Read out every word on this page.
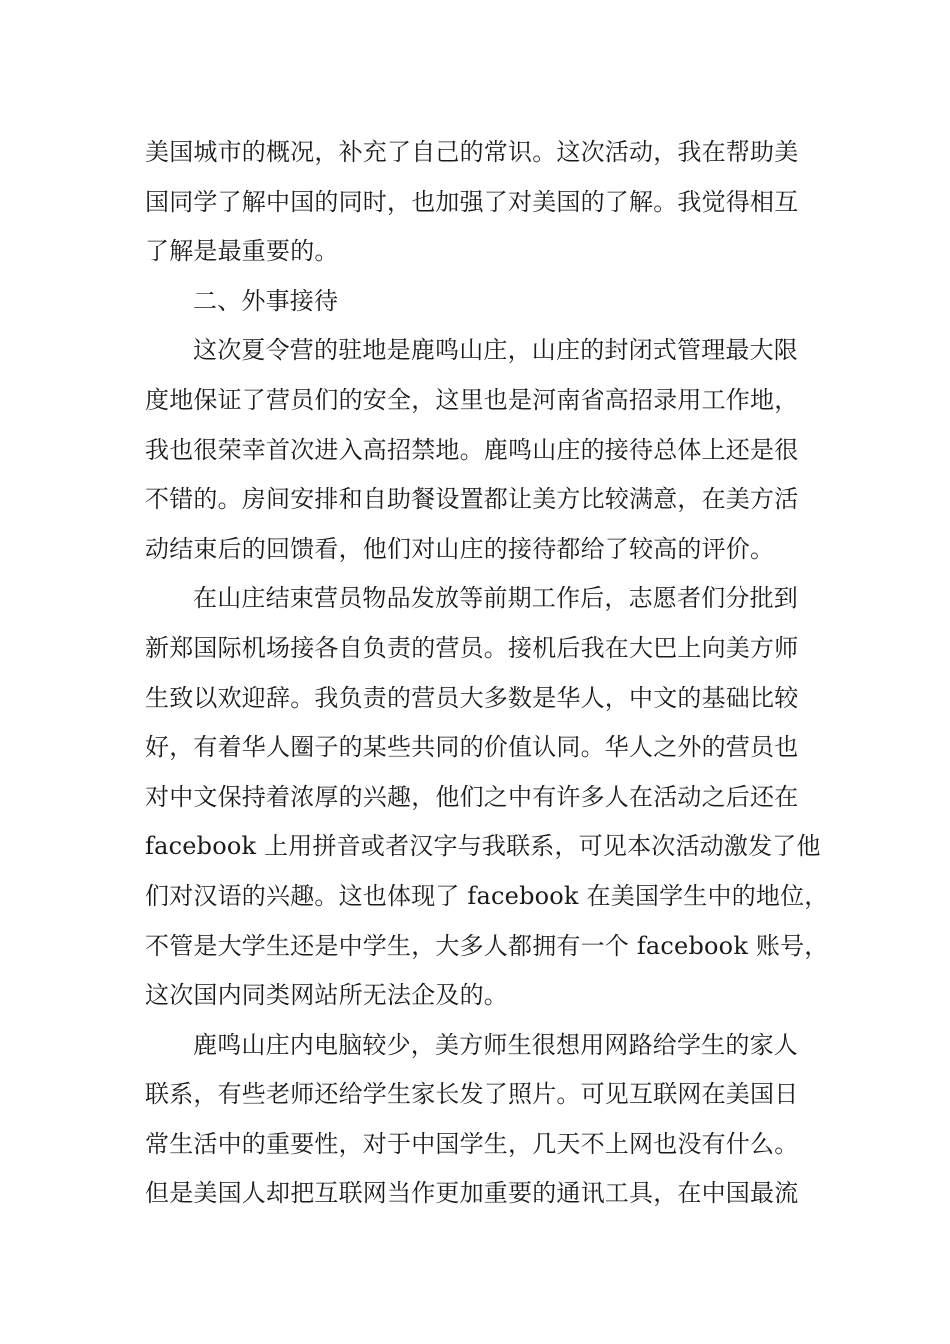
美国城市的概况，补充了自己的常识。这次活动，我在帮助美
国同学了解中国的同时，也加强了对美国的了解。我觉得相互
了解是最重要的。
二、外事接待
这次夏令营的驻地是鹿鸣山庄，山庄的封闭式管理最大限
度地保证了营员们的安全，这里也是河南省高招录用工作地，
我也很荣幸首次进入高招禁地。鹿鸣山庄的接待总体上还是很
不错的。房间安排和自助餐设置都让美方比较满意，在美方活
动结束后的回馈看，他们对山庄的接待都给了较高的评价。
在山庄结束营员物品发放等前期工作后，志愿者们分批到
新郑国际机场接各自负责的营员。接机后我在大巴上向美方师
生致以欢迎辞。我负责的营员大多数是华人，中文的基础比较
好，有着华人圈子的某些共同的价值认同。华人之外的营员也
对中文保持着浓厚的兴趣，他们之中有许多人在活动之后还在
facebook 上用拼音或者汉字与我联系，可见本次活动激发了他
们对汉语的兴趣。这也体现了 facebook 在美国学生中的地位，
不管是大学生还是中学生，大多人都拥有一个 facebook 账号，
这次国内同类网站所无法企及的。
鹿鸣山庄内电脑较少，美方师生很想用网路给学生的家人
联系，有些老师还给学生家长发了照片。可见互联网在美国日
常生活中的重要性，对于中国学生，几天不上网也没有什么。
但是美国人却把互联网当作更加重要的通讯工具，在中国最流
